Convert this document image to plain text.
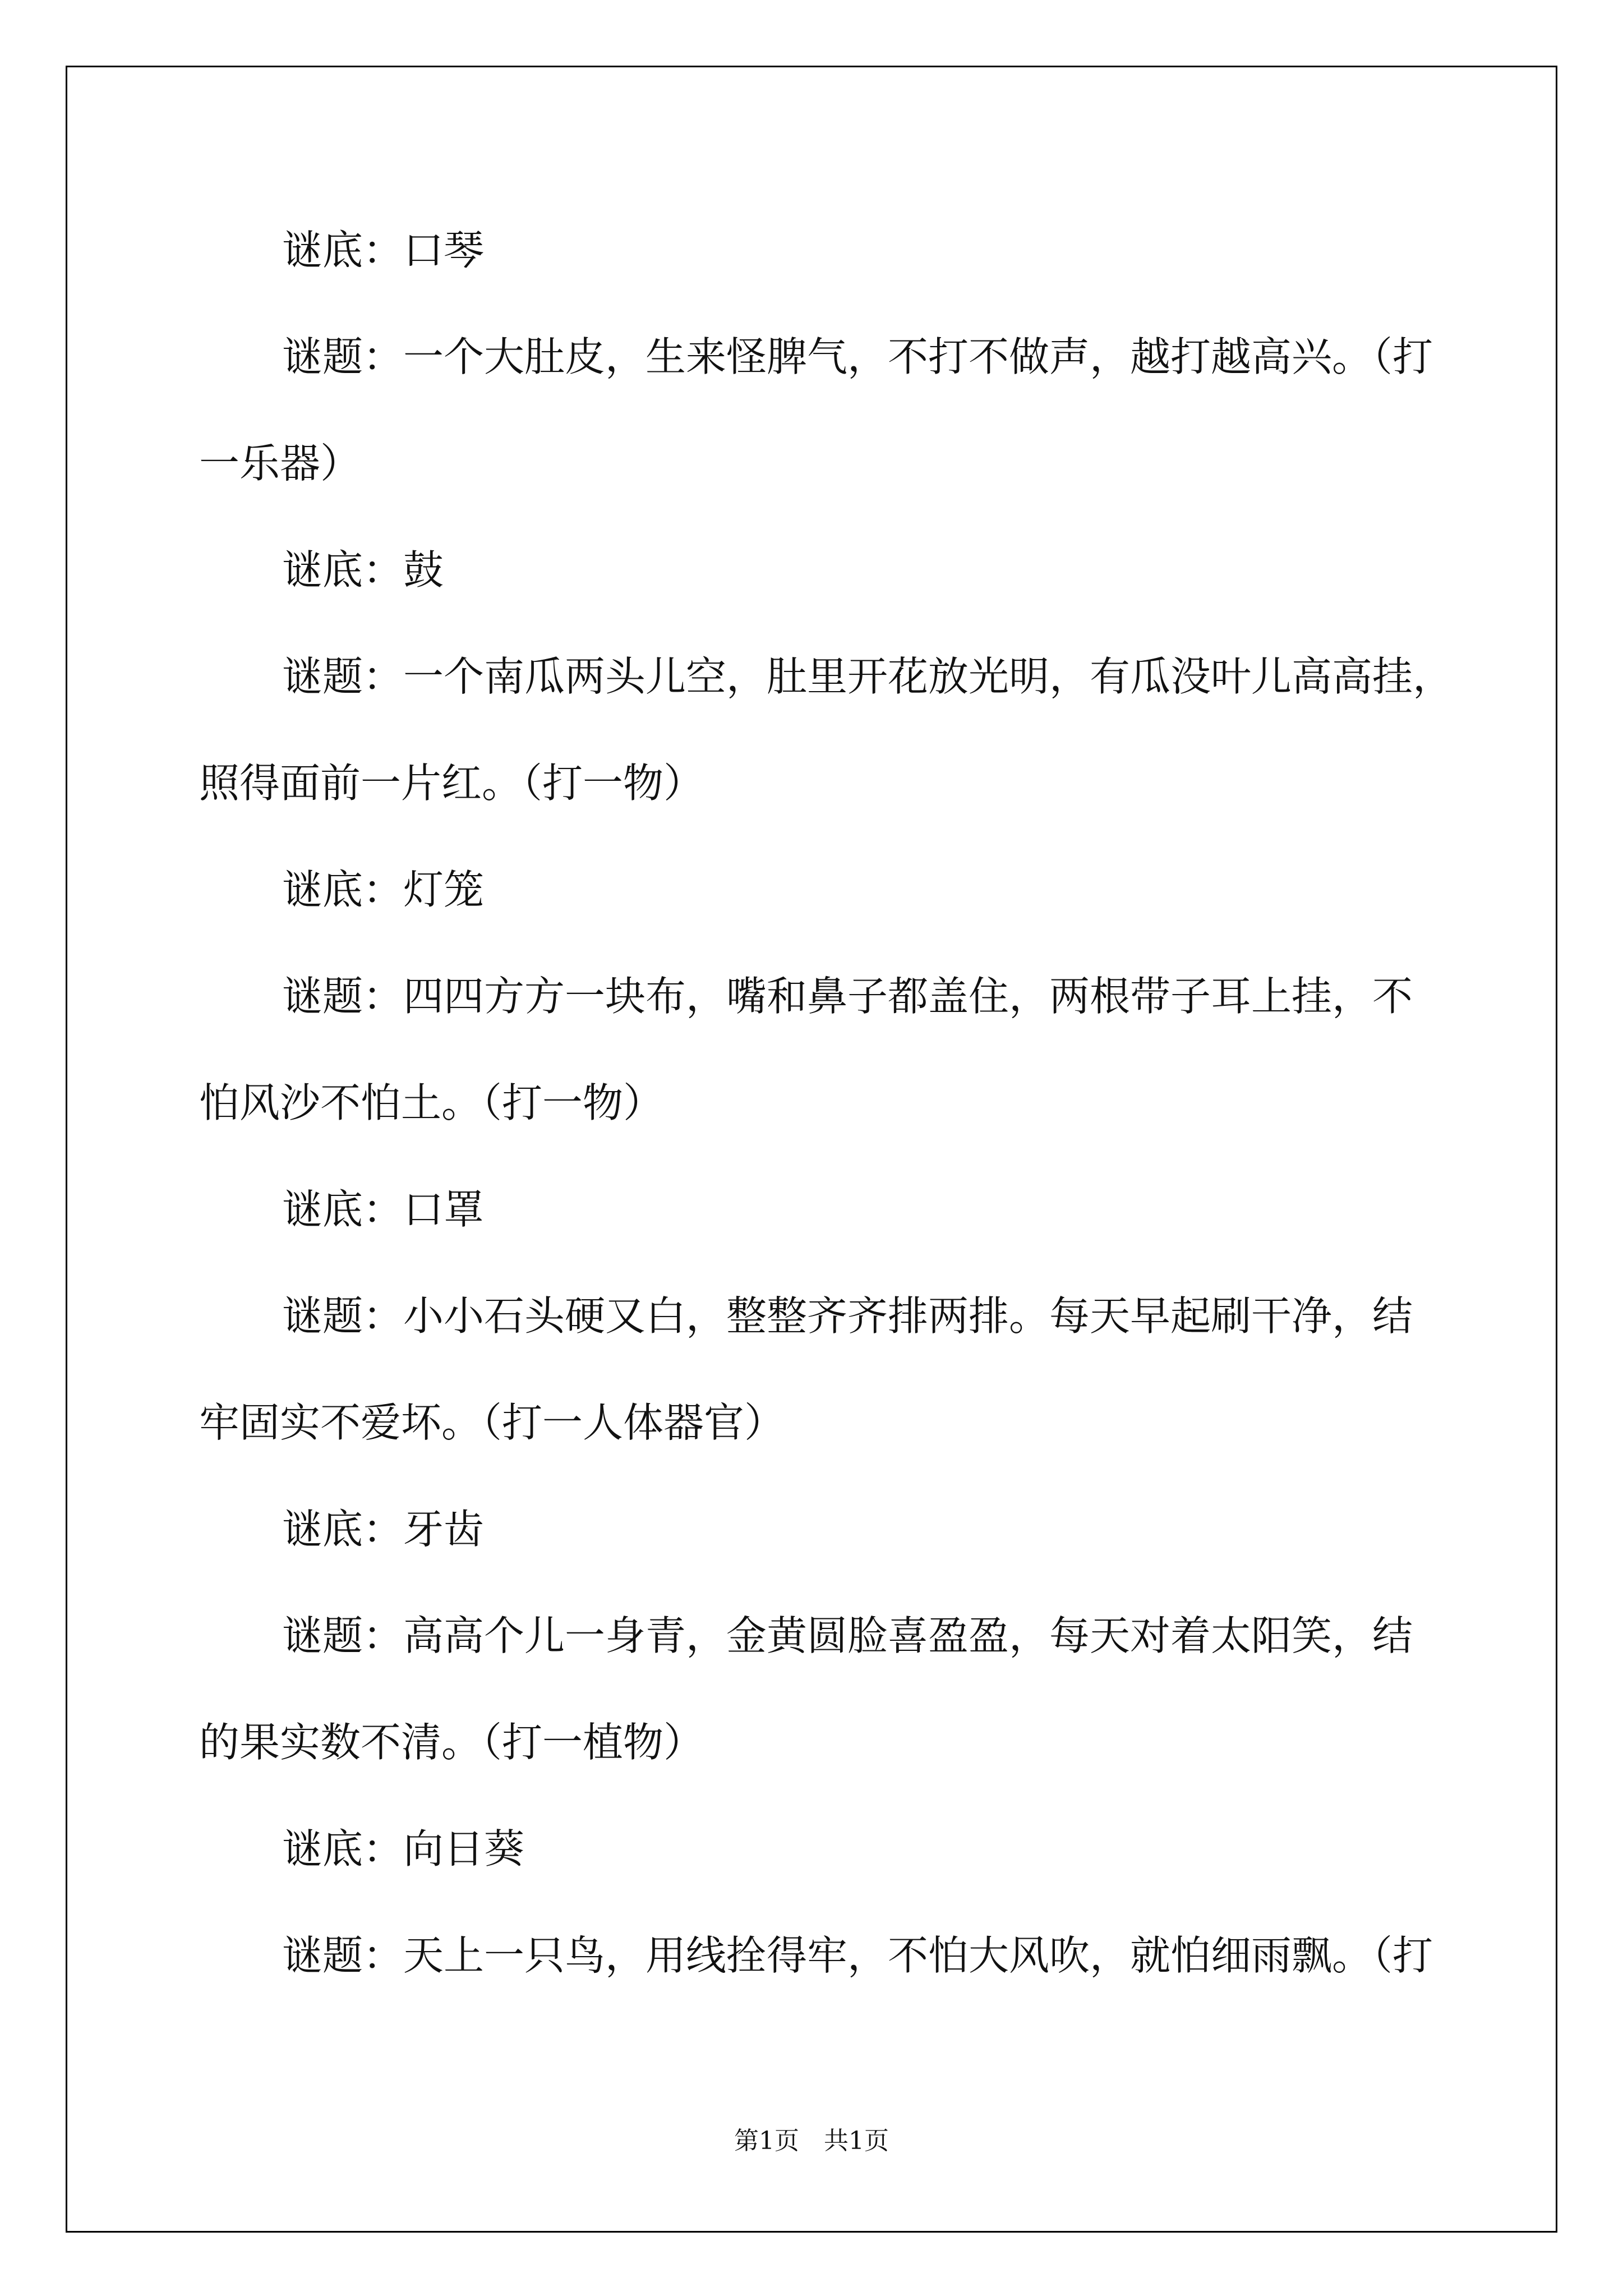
谜底：口琴
谜题：一个大肚皮，生来怪脾气，不打不做声，越打越高兴。（打
一乐器）
谜底：鼓
谜题：一个南瓜两头儿空，肚里开花放光明，有瓜没叶儿高高挂，
照得面前一片红。（打一物）
谜底：灯笼
谜题：四四方方一块布，嘴和鼻子都盖住，两根带子耳上挂，不
怕风沙不怕土。（打一物）
谜底：口罩
谜题：小小石头硬又白，整整齐齐排两排。每天早起刷干净，结
牢固实不爱坏。（打一人体器官）
谜底：牙齿
谜题：高高个儿一身青，金黄圆脸喜盈盈，每天对着太阳笑，结
的果实数不清。（打一植物）
谜底：向日葵
谜题：天上一只鸟，用线拴得牢，不怕大风吹，就怕细雨飘。（打
第1页　共1页
